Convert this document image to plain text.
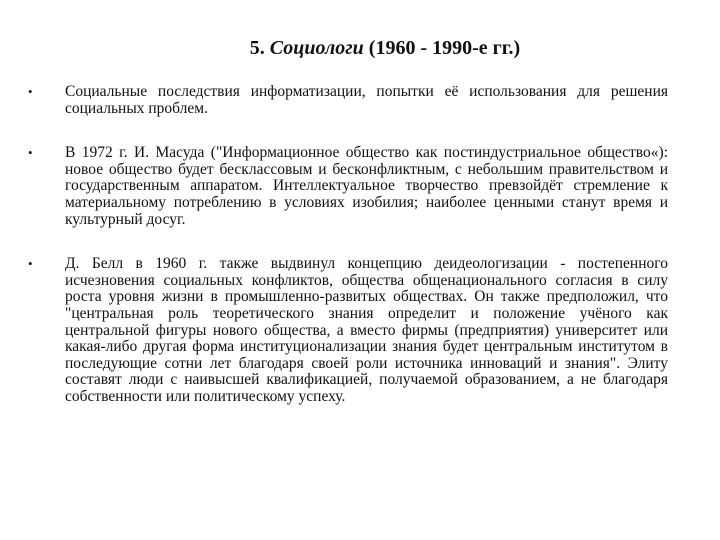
5. Социологи (1960 - 1990-е гг.)
• Социальные последствия информатизации, попытки её использования для решения социальных проблем.
• В 1972 г. И. Масуда ("Информационное общество как постиндустриальное общество«): новое общество будет бесклассовым и бесконфликтным, с небольшим правительством и государственным аппаратом. Интеллектуальное творчество превзойдёт стремление к материальному потреблению в условиях изобилия; наиболее ценными станут время и культурный досуг.
• Д. Белл в 1960 г. также выдвинул концепцию деидеологизации - постепенного исчезновения социальных конфликтов, общества общенационального согласия в силу роста уровня жизни в промышленно-развитых обществах. Он также предположил, что "центральная роль теоретического знания определит и положение учёного как центральной фигуры нового общества, а вместо фирмы (предприятия) университет или какая-либо другая форма институционализации знания будет центральным институтом в последующие сотни лет благодаря своей роли источника инноваций и знания". Элиту составят люди с наивысшей квалификацией, получаемой образованием, а не благодаря собственности или политическому успеху.
